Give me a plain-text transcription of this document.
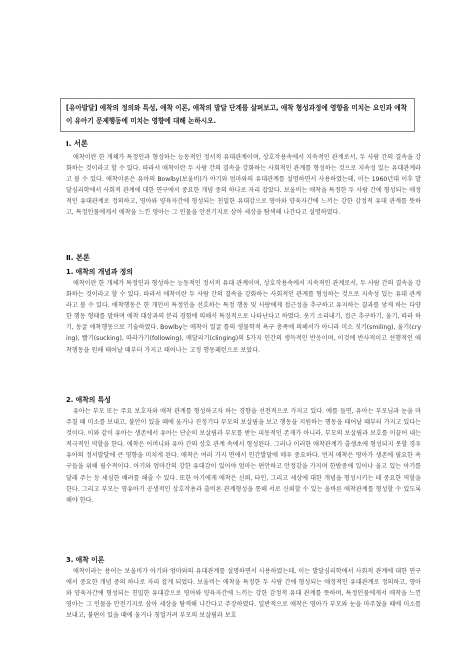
[유아발달] 애착의 정의와 특성, 애착 이론, 애착의 발달 단계를 살펴보고, 애착 형성과정에 영향을 미치는 요인과 애착이 유아기 문제행동에 미치는 영향에 대해 논하시오.
Ⅰ. 서론

애착이란 한 개체가 특정인과 형성하는 능동적인 정서적 유대관계이며, 상호작용속에서 지속적인 관계로서, 두 사람 간의 결속을 강화하는 것이라고 할 수 있다. 따라서 애착이란 두 사람 간의 결속을 강화하는 사회적인 관계를 형성하는 것으로 지속성 있는 유대관계라고 볼 수 있다. 애착이론은 유아의 Bowlby(보울비)가 아기와 엄마와의 유대관계를 설명하면서 사용하였는데, 이는 1960년대 이후 발달심리학에서 사회적 관계에 대한 연구에서 중요한 개념 중의 하나로 자리 잡았다. 보울비는 애착을 특정한 두 사람 간에 형성되는 애정적인 유대관계로 정의하고, 영아와 양육자간에 형성되는 친밀한 유대감으로 영아와 양육자간에 느끼는 강한 감정적 유대 관계를 뜻하고, 특정인물에게서 애착을 느낀 영아는 그 인물을 안전기지로 삼아 세상을 탐색해 나간다고 설명하였다.

Ⅱ. 본론
1. 애착의 개념과 정의

애착이란 한 개체가 특정인과 형성하는 능동적인 정서적 유대 관계이며, 상호작용속에서 지속적인 관계로서, 두 사람 간의 결속을 강화하는 것이라고 할 수 있다. 따라서 애착이란 두 사람 간의 결속을 강화하는 사회적인 관계를 형성하는 것으로 지속성 있는 유대 관계라고 볼 수 있다. 애착행동은 한 개인이 특정인을 선호하는 특정 행동 및 사랑에게 접근성을 추구하고 유지하는 결과를 낳게 하는 다양한 행동 형태를 말하며 애착 대상과의 분리 경험에 의해서 특징적으로 나타난다고 하였다. 웃기 소리내기, 접근 추구하기, 울기, 따라 하기, 동굴 애착행동으로 기술하였다. Bowlby는 애착이 얼굴 틀의 생물학적 욕구 충족에 의해서가 아니라 미소 짓기(smiling), 울기(crying), 빨기(sucking), 따라가기(following), 매달리기(clinging)의 5가지 인간의 생득적인 반응이며, 이것에 반사적이고 선행적인 애착행동을 원해 태어날 때부터 가지고 태어나는 고정 행동패턴으로 보았다.

2. 애착의 특성

유아는 부모 또는 주요 보호자와 애착 관계를 형성하고자 하는 경향을 선천적으로 가지고 있다. 예를 들면, 유아는 부모님과 눈을 마주칠 때 미소를 보내고, 불안이 있을 때에 울거나 진정기다 부모의 보살핌을 보고 행동을 지원하는 행동을 태어날 때부터 가지고 있다는 것이다. 이와 같이 유아는 생존에서 유아는 단순히 보살핌과 부모를 받는 피동적인 존재가 아니라, 부모의 보살핌과 보호를 이끌어 내는 적극적인 역할을 한다. 애착은 어머니와 유아 간의 상호 관계 속에서 형성된다. 그러나 이러한 애착관계가 출생초에 형성되지 못할 경우 유아의 정서발달에 큰 영향을 미치게 된다. 애착은 여러 가지 면에서 인간발달에 매우 중요하다. 먼저 애착은 영아가 생존에 필요한 욕구들을 위해 필수적이다. 아기와 엄마간의 강한 유대감이 있어야 엄마는 편안하고 안정감을 가지며 한밤중에 일어나 울고 있는 아기를 달래 주는 등 세심한 배려를 해줄 수 있다. 또한 아기에게 애착은 신뢰, 타인, 그리고 세상에 대한 개념을 형성시키는 데 중요한 역할을 한다. 그리고 부모는 영유아기 공생적인 상호작용과 출비론 관계형성을 통해 서로 신뢰할 수 있는 올바른 애착관계를 형성할 수 있도록 해야 한다.

3. 애착 이론

애착이라는 용어는 보울비가 아기와 엄마와의 유대관계를 설명하면서 사용하였는데, 이는 발달심리학에서 사회적 관계에 대한 연구에서 중요한 개념 중의 하나로 자리 잡게 되었다. 보울비는 애착을 특정한 두 사람 간에 형성되는 애정적인 유대관계로 정의하고, 영아와 양육자간에 형성되는 친밀한 유대감으로 영아와 양육자간에 느끼는 강한 감정적 유대 관계를 뜻하며, 특정인물에게서 애착을 느낀 영아는 그 인물을 안전기지로 삼아 세상을 탐색해 나간다고 주장하였다. 일반적으로 애착은 영아가 부모와 눈을 마주쳤을 때에 미소를 보내고, 불편이 있을 때에 울거나 칭얼거려 부모의 보살핌과 보호
